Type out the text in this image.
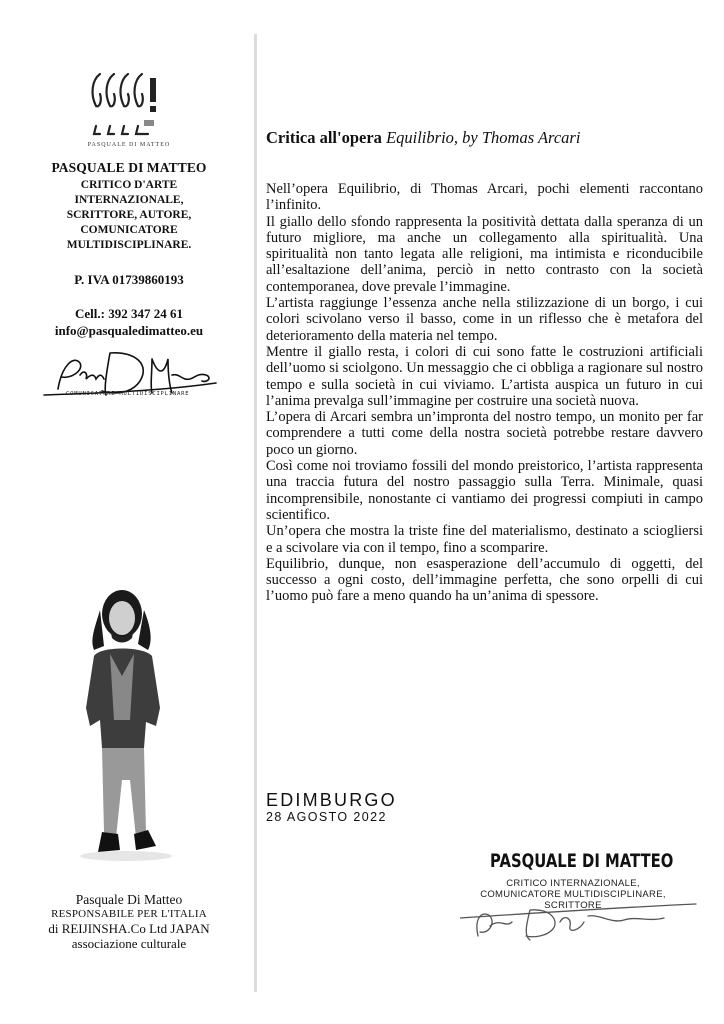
PASQUALE DI MATTEO
PASQUALE DI MATTEO
CRITICO D'ARTE
INTERNAZIONALE,
SCRITTORE, AUTORE,
COMUNICATORE
MULTIDISCIPLINARE.
P. IVA 01739860193
Cell.: 392 347 24 61
info@pasqualedimatteo.eu
COMUNICATORE MULTIDISCIPLINARE
Pasquale Di Matteo
RESPONSABILE PER L'ITALIA
di REIJINSHA.Co Ltd JAPAN
associazione culturale
Critica all'opera Equilibrio, by Thomas Arcari

Nell’opera Equilibrio, di Thomas Arcari, pochi elementi raccontano l’infinito.

Il giallo dello sfondo rappresenta la positività dettata dalla speranza di un futuro migliore, ma anche un collegamento alla spiritualità. Una spiritualità non tanto legata alle religioni, ma intimista e riconducibile all’esaltazione dell’anima, perciò in netto contrasto con la società contemporanea, dove prevale l’immagine.

L’artista raggiunge l’essenza anche nella stilizzazione di un borgo, i cui colori scivolano verso il basso, come in un riflesso che è metafora del deterioramento della materia nel tempo.

Mentre il giallo resta, i colori di cui sono fatte le costruzioni artificiali dell’uomo si sciolgono. Un messaggio che ci obbliga a ragionare sul nostro tempo e sulla società in cui viviamo. L’artista auspica un futuro in cui l’anima prevalga sull’immagine per costruire una società nuova.

L’opera di Arcari sembra un’impronta del nostro tempo, un monito per far comprendere a tutti come della nostra società potrebbe restare davvero poco un giorno.

Così come noi troviamo fossili del mondo preistorico, l’artista rappresenta una traccia futura del nostro passaggio sulla Terra. Minimale, quasi incomprensibile, nonostante ci vantiamo dei progressi compiuti in campo scientifico.

Un’opera che mostra la triste fine del materialismo, destinato a sciogliersi e a scivolare via con il tempo, fino a scomparire.

Equilibrio, dunque, non esasperazione dell’accumulo di oggetti, del successo a ogni costo, dell’immagine perfetta, che sono orpelli di cui l’uomo può fare a meno quando ha un’anima di spessore.

EDIMBURGO
28 AGOSTO 2022
PASQUALE DI MATTEO
CRITICO INTERNAZIONALE,
COMUNICATORE MULTIDISCIPLINARE,
SCRITTORE
